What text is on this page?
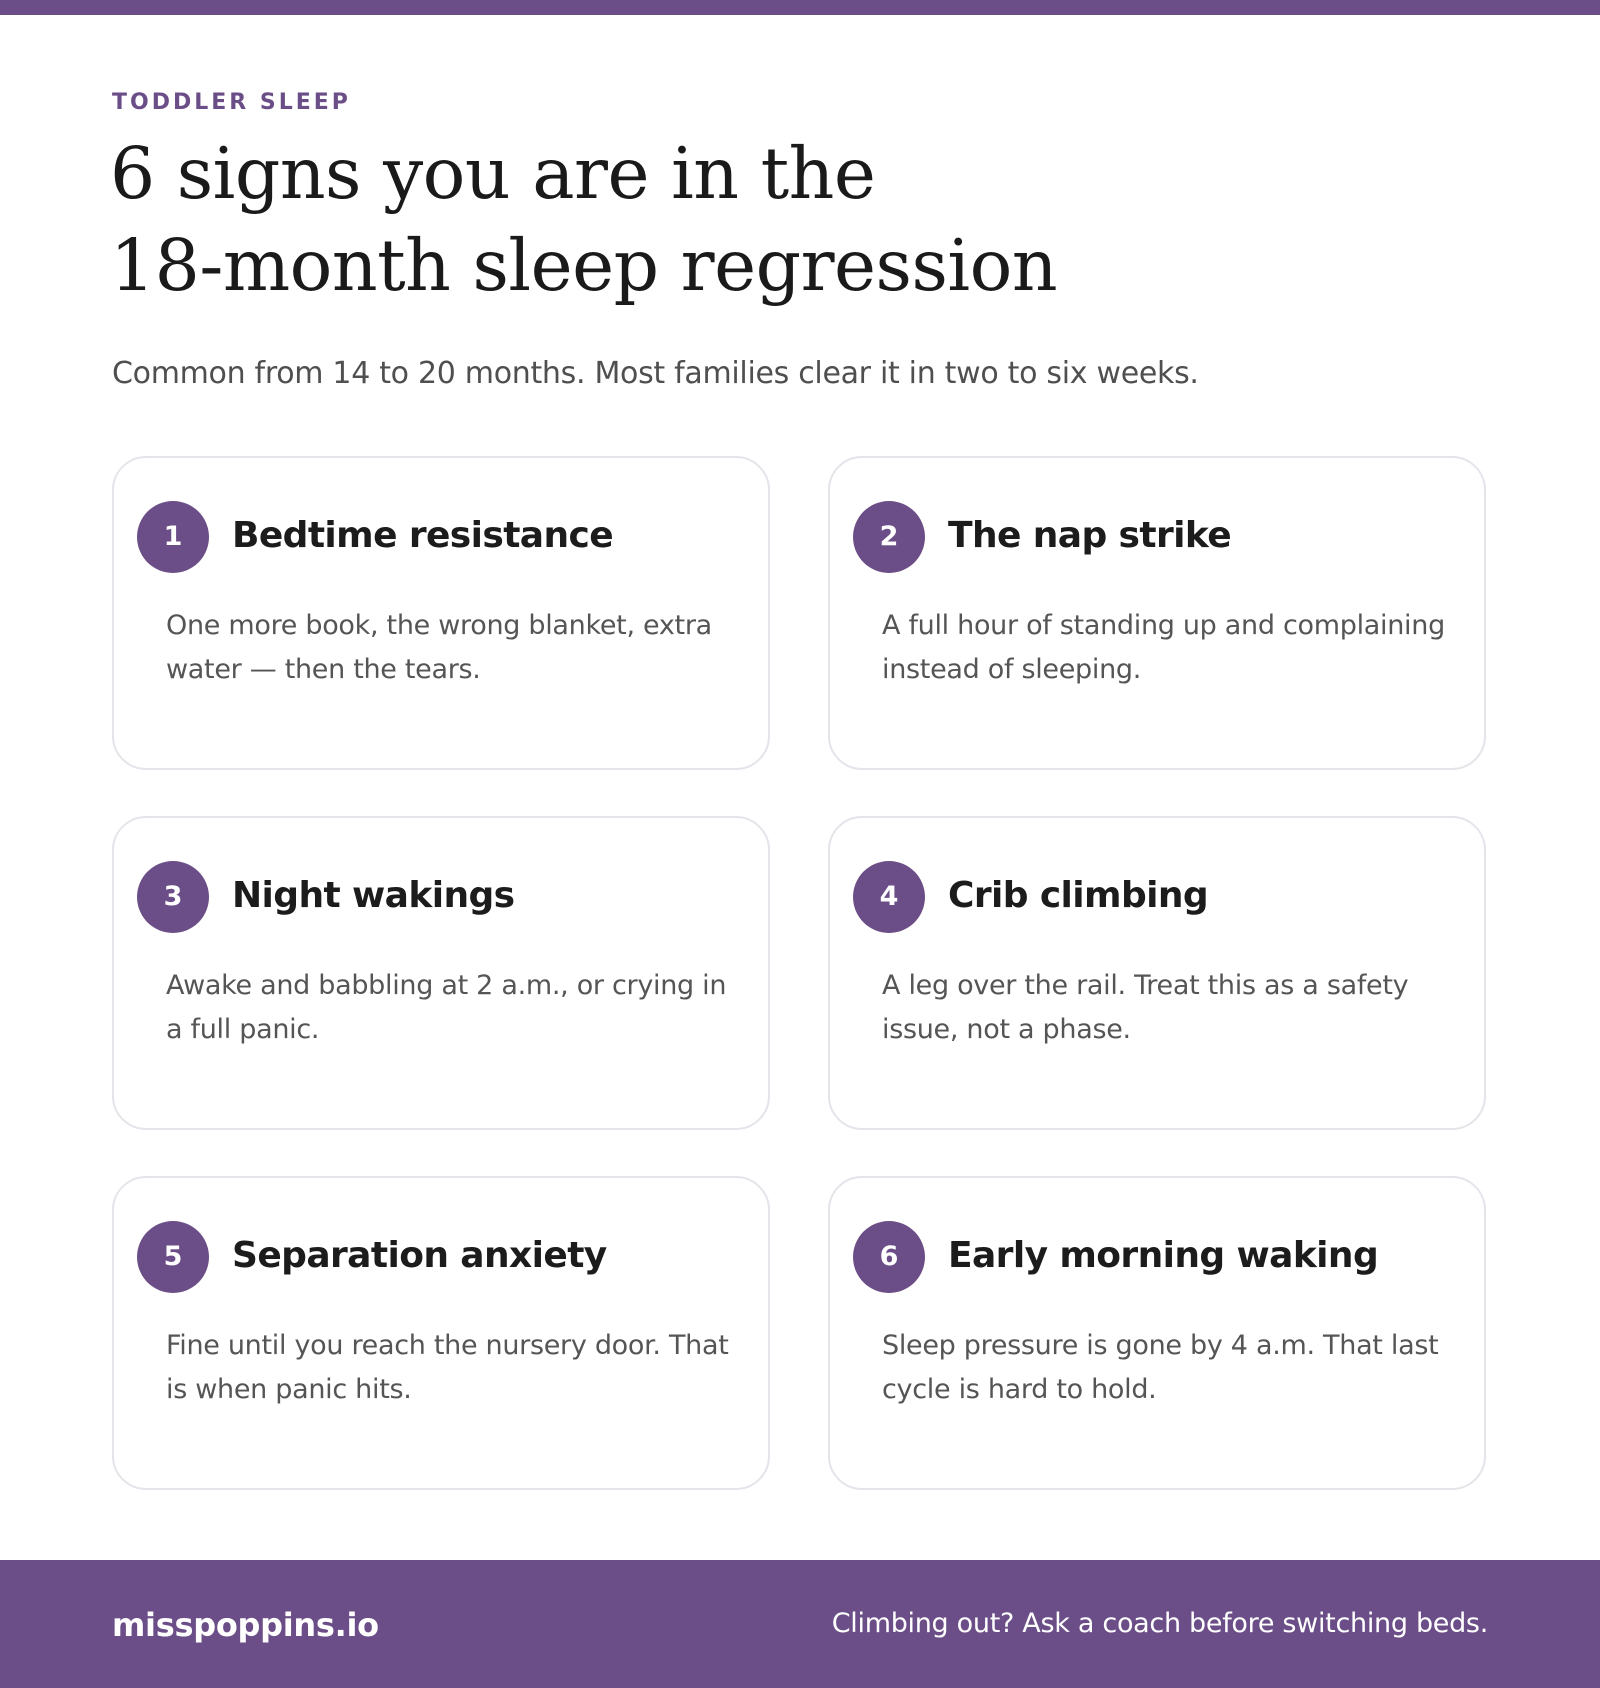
TODDLER SLEEP

6 signs you are in the
18-month sleep regression

Common from 14 to 20 months. Most families clear it in two to six weeks.

1	Bedtime resistance

One more book, the wrong blanket, extra water — then the tears.

2	The nap strike

A full hour of standing up and complaining instead of sleeping.

3	Night wakings

Awake and babbling at 2 a.m., or crying in a full panic.

4	Crib climbing

A leg over the rail. Treat this as a safety issue, not a phase.

5	Separation anxiety

Fine until you reach the nursery door. That is when panic hits.

6	Early morning waking

Sleep pressure is gone by 4 a.m. That last cycle is hard to hold.

misspoppins.io	Climbing out? Ask a coach before switching beds.
